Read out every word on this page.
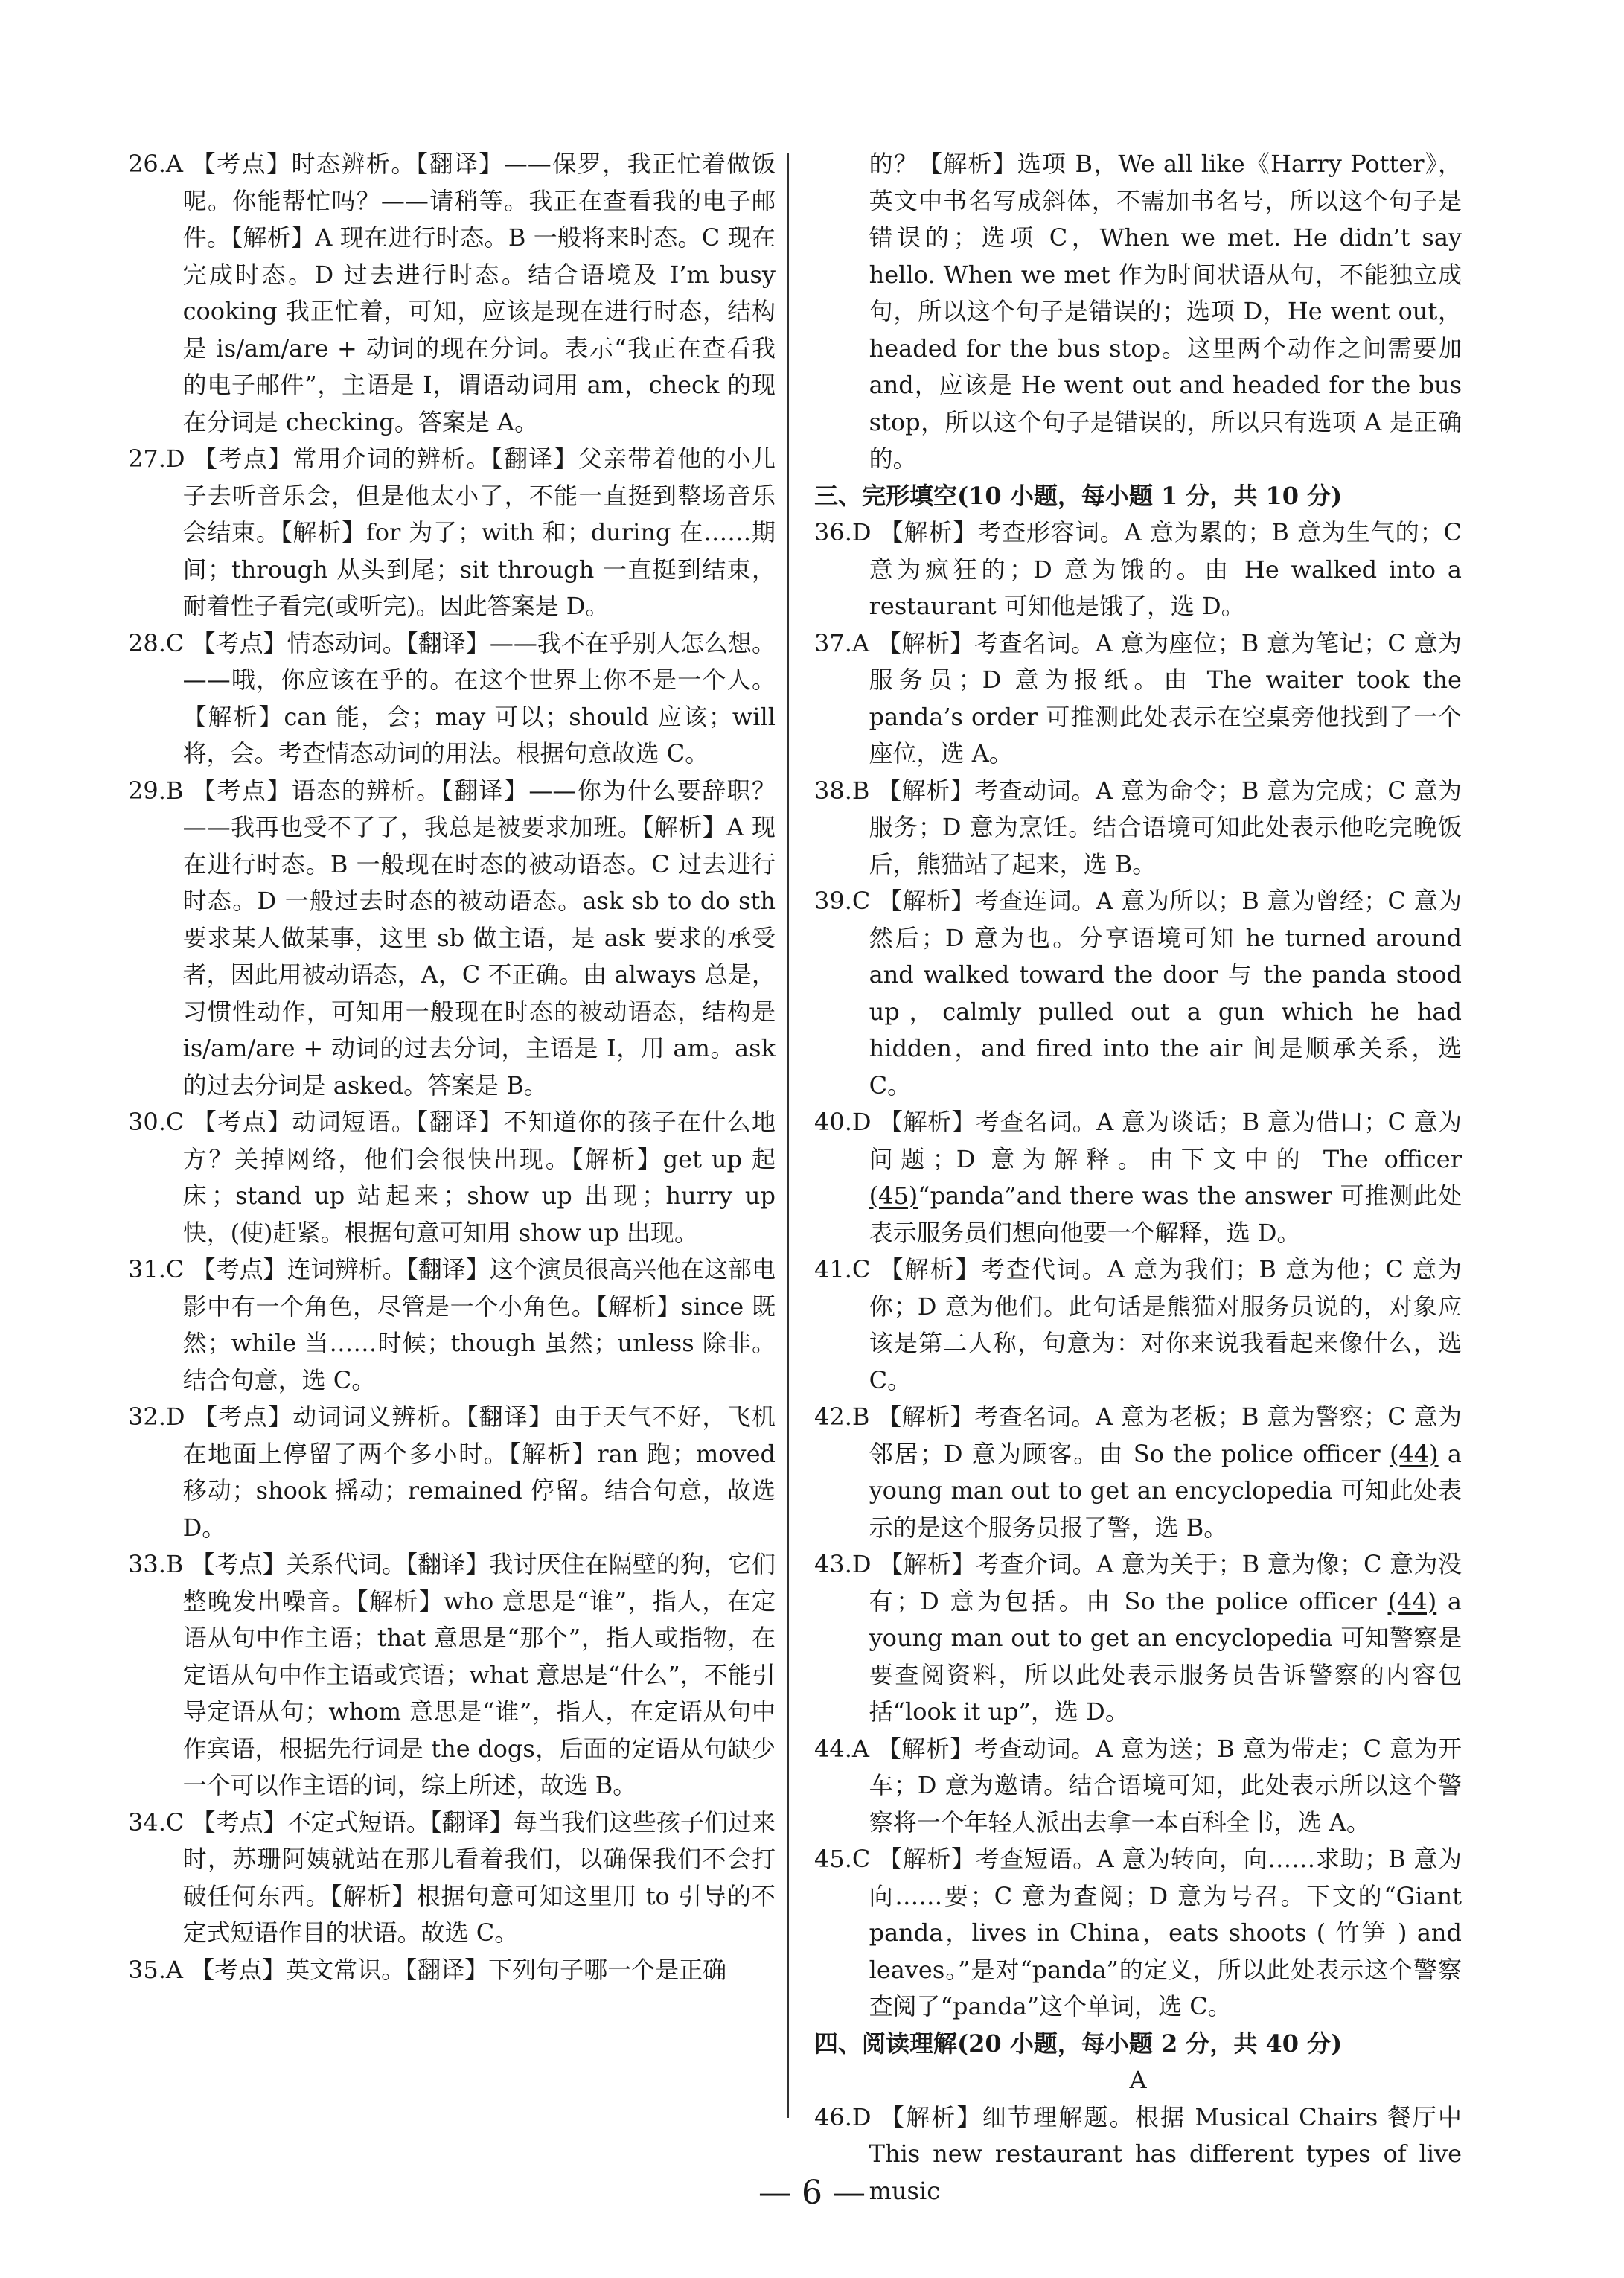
26.A 【考点】时态辨析。【翻译】——保罗，我正忙着做饭呢。你能帮忙吗？——请稍等。我正在查看我的电子邮件。【解析】A 现在进行时态。B 一般将来时态。C 现在完成时态。D 过去进行时态。结合语境及 I’m busy cooking 我正忙着，可知，应该是现在进行时态，结构是 is/am/are + 动词的现在分词。表示“我正在查看我的电子邮件”，主语是 I，谓语动词用 am，check 的现在分词是 checking。答案是 A。

27.D 【考点】常用介词的辨析。【翻译】父亲带着他的小儿子去听音乐会，但是他太小了，不能一直挺到整场音乐会结束。【解析】for 为了；with 和；during 在……期间；through 从头到尾；sit through 一直挺到结束，耐着性子看完(或听完)。因此答案是 D。

28.C 【考点】情态动词。【翻译】——我不在乎别人怎么想。——哦，你应该在乎的。在这个世界上你不是一个人。【解析】can 能，会；may 可以；should 应该；will 将，会。考查情态动词的用法。根据句意故选 C。

29.B 【考点】语态的辨析。【翻译】——你为什么要辞职？——我再也受不了了，我总是被要求加班。【解析】A 现在进行时态。B 一般现在时态的被动语态。C 过去进行时态。D 一般过去时态的被动语态。ask sb to do sth 要求某人做某事，这里 sb 做主语，是 ask 要求的承受者，因此用被动语态，A，C 不正确。由 always 总是，习惯性动作，可知用一般现在时态的被动语态，结构是 is/am/are + 动词的过去分词，主语是 I，用 am。ask 的过去分词是 asked。答案是 B。

30.C 【考点】动词短语。【翻译】不知道你的孩子在什么地方？关掉网络，他们会很快出现。【解析】get up 起床；stand up 站起来；show up 出现；hurry up 快，(使)赶紧。根据句意可知用 show up 出现。

31.C 【考点】连词辨析。【翻译】这个演员很高兴他在这部电影中有一个角色，尽管是一个小角色。【解析】since 既然；while 当……时候；though 虽然；unless 除非。结合句意，选 C。

32.D 【考点】动词词义辨析。【翻译】由于天气不好，飞机在地面上停留了两个多小时。【解析】ran 跑；moved 移动；shook 摇动；remained 停留。结合句意，故选 D。

33.B 【考点】关系代词。【翻译】我讨厌住在隔壁的狗，它们整晚发出噪音。【解析】who 意思是“谁”，指人，在定语从句中作主语；that 意思是“那个”，指人或指物，在定语从句中作主语或宾语；what 意思是“什么”，不能引导定语从句；whom 意思是“谁”，指人，在定语从句中作宾语，根据先行词是 the dogs，后面的定语从句缺少一个可以作主语的词，综上所述，故选 B。

34.C 【考点】不定式短语。【翻译】每当我们这些孩子们过来时，苏珊阿姨就站在那儿看着我们，以确保我们不会打破任何东西。【解析】根据句意可知这里用 to 引导的不定式短语作目的状语。故选 C。

35.A 【考点】英文常识。【翻译】下列句子哪一个是正确

的？【解析】选项 B，We all like《Harry Potter》，英文中书名写成斜体，不需加书名号，所以这个句子是错误的；选项 C，When we met. He didn’t say hello. When we met 作为时间状语从句，不能独立成句，所以这个句子是错误的；选项 D，He went out，headed for the bus stop。这里两个动作之间需要加 and，应该是 He went out and headed for the bus stop，所以这个句子是错误的，所以只有选项 A 是正确的。

三、完形填空(10 小题，每小题 1 分，共 10 分)

36.D 【解析】考查形容词。A 意为累的；B 意为生气的；C 意为疯狂的；D 意为饿的。由 He walked into a restaurant 可知他是饿了，选 D。

37.A 【解析】考查名词。A 意为座位；B 意为笔记；C 意为服务员；D 意为报纸。由 The waiter took the panda’s order 可推测此处表示在空桌旁他找到了一个座位，选 A。

38.B 【解析】考查动词。A 意为命令；B 意为完成；C 意为服务；D 意为烹饪。结合语境可知此处表示他吃完晚饭后，熊猫站了起来，选 B。

39.C 【解析】考查连词。A 意为所以；B 意为曾经；C 意为然后；D 意为也。分享语境可知 he turned around and walked toward the door 与 the panda stood up，calmly pulled out a gun which he had hidden，and fired into the air 间是顺承关系，选 C。

40.D 【解析】考查名词。A 意为谈话；B 意为借口；C 意为问题；D 意为解释。由下文中的 The officer (45)“panda”and there was the answer 可推测此处表示服务员们想向他要一个解释，选 D。

41.C 【解析】考查代词。A 意为我们；B 意为他；C 意为你；D 意为他们。此句话是熊猫对服务员说的，对象应该是第二人称，句意为：对你来说我看起来像什么，选 C。

42.B 【解析】考查名词。A 意为老板；B 意为警察；C 意为邻居；D 意为顾客。由 So the police officer (44) a young man out to get an encyclopedia 可知此处表示的是这个服务员报了警，选 B。

43.D 【解析】考查介词。A 意为关于；B 意为像；C 意为没有；D 意为包括。由 So the police officer (44) a young man out to get an encyclopedia 可知警察是要查阅资料，所以此处表示服务员告诉警察的内容包括“look it up”，选 D。

44.A 【解析】考查动词。A 意为送；B 意为带走；C 意为开车；D 意为邀请。结合语境可知，此处表示所以这个警察将一个年轻人派出去拿一本百科全书，选 A。

45.C 【解析】考查短语。A 意为转向，向……求助；B 意为向……要；C 意为查阅；D 意为号召。下文的“Giant panda，lives in China，eats shoots ( 竹笋 ) and leaves。”是对“panda”的定义，所以此处表示这个警察查阅了“panda”这个单词，选 C。

四、阅读理解(20 小题，每小题 2 分，共 40 分)

A

46.D 【解析】细节理解题。根据 Musical Chairs 餐厅中 This new restaurant has different types of live music

— 6 —
